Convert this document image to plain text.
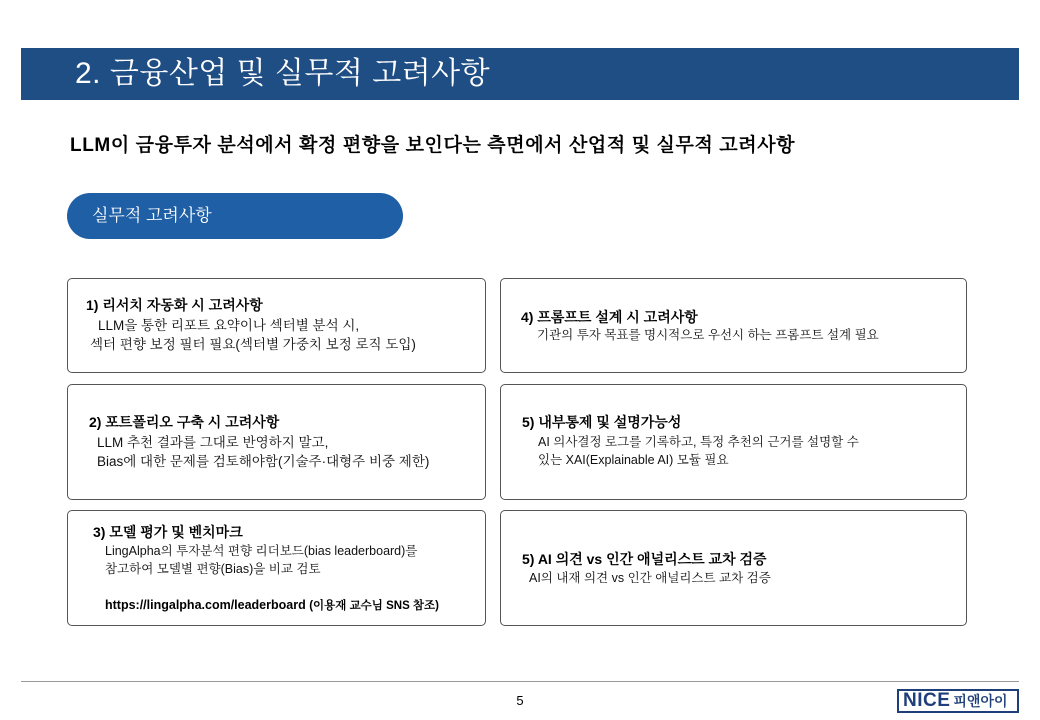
2. 금융산업 및 실무적 고려사항
LLM이 금융투자 분석에서 확정 편향을 보인다는 측면에서 산업적 및 실무적 고려사항
실무적 고려사항
1) 리서치 자동화 시 고려사항
LLM을 통한 리포트 요약이나 섹터별 분석 시,
섹터 편향 보정 필터 필요(섹터별 가중치 보정 로직 도입)
4) 프롬프트 설계 시 고려사항
기관의 투자 목표를 명시적으로 우선시 하는 프롬프트 설계 필요
2) 포트폴리오 구축 시 고려사항
LLM 추천 결과를 그대로 반영하지 말고,
Bias에 대한 문제를 검토해야함(기술주·대형주 비중 제한)
5) 내부통제 및 설명가능성
AI 의사결정 로그를 기록하고, 특정 추천의 근거를 설명할 수
있는 XAI(Explainable AI) 모듈 필요
3) 모델 평가 및 벤치마크
LingAlpha의 투자분석 편향 리더보드(bias leaderboard)를
참고하여 모델별 편향(Bias)을 비교 검토
https://lingalpha.com/leaderboard (이용재 교수님 SNS 참조)
5) AI 의견 vs 인간 애널리스트 교차 검증
AI의 내재 의견 vs 인간 애널리스트 교차 검증
5	NICE 피앤아이
